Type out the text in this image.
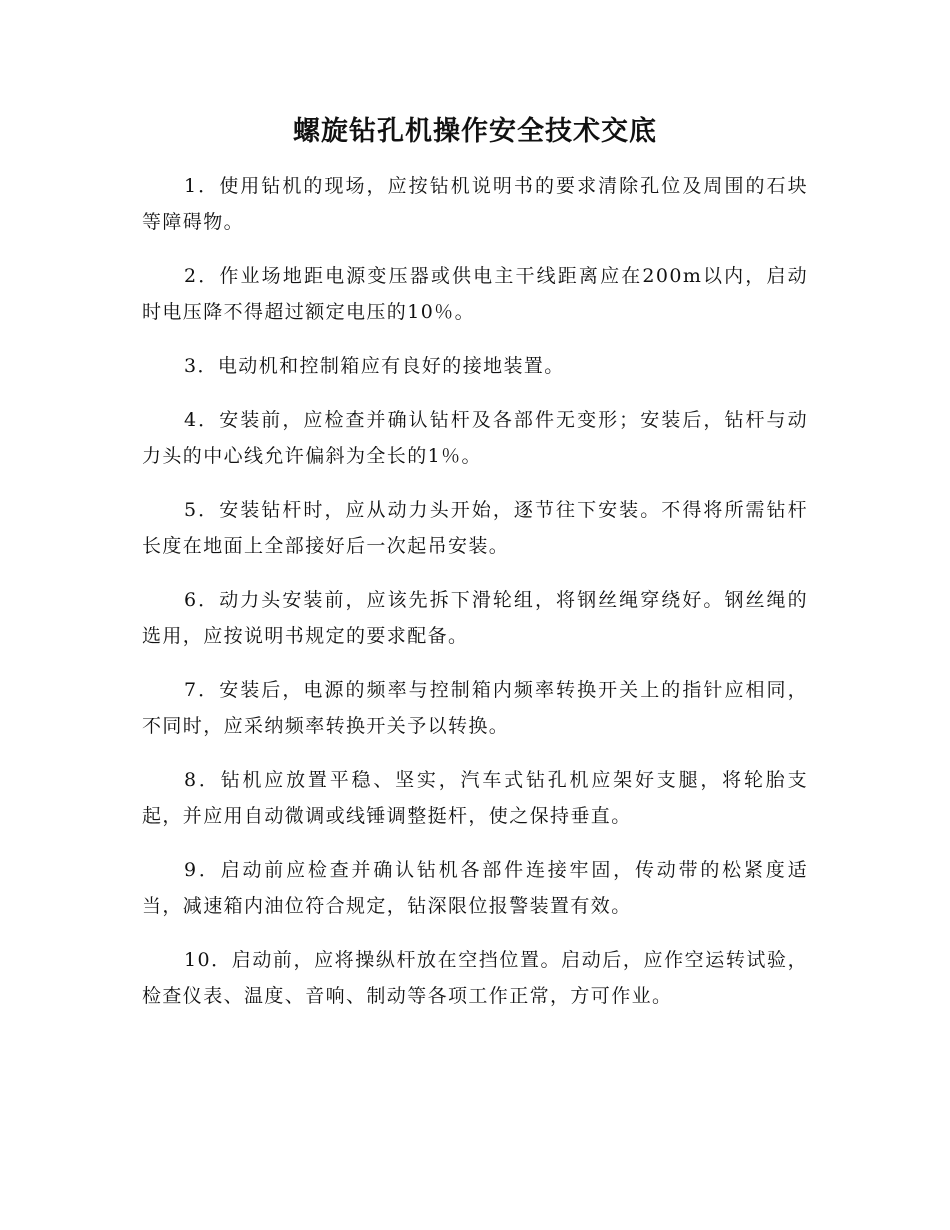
螺旋钻孔机操作安全技术交底

1．使用钻机的现场，应按钻机说明书的要求清除孔位及周围的石块等障碍物。

2．作业场地距电源变压器或供电主干线距离应在200m以内，启动时电压降不得超过额定电压的10％。

3．电动机和控制箱应有良好的接地装置。

4．安装前，应检查并确认钻杆及各部件无变形；安装后，钻杆与动力头的中心线允许偏斜为全长的1％。

5．安装钻杆时，应从动力头开始，逐节往下安装。不得将所需钻杆长度在地面上全部接好后一次起吊安装。

6．动力头安装前，应该先拆下滑轮组，将钢丝绳穿绕好。钢丝绳的选用，应按说明书规定的要求配备。

7．安装后，电源的频率与控制箱内频率转换开关上的指针应相同，不同时，应采纳频率转换开关予以转换。

8．钻机应放置平稳、坚实，汽车式钻孔机应架好支腿，将轮胎支起，并应用自动微调或线锤调整挺杆，使之保持垂直。

9．启动前应检查并确认钻机各部件连接牢固，传动带的松紧度适当，减速箱内油位符合规定，钻深限位报警装置有效。

10．启动前，应将操纵杆放在空挡位置。启动后，应作空运转试验，检查仪表、温度、音响、制动等各项工作正常，方可作业。
